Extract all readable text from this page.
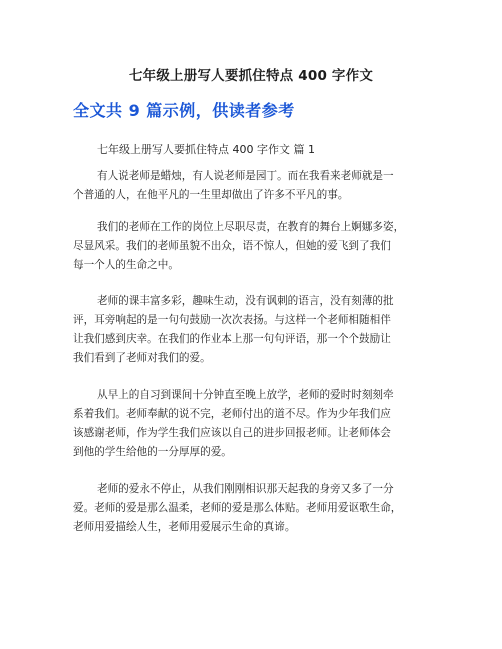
七年级上册写人要抓住特点 400 字作文
全文共 9 篇示例，供读者参考
七年级上册写人要抓住特点 400 字作文 篇 1
有人说老师是蜡烛，有人说老师是园丁。而在我看来老师就是一
个普通的人，在他平凡的一生里却做出了许多不平凡的事。
我们的老师在工作的岗位上尽职尽责，在教育的舞台上婀娜多姿，
尽显风采。我们的老师虽貌不出众，语不惊人，但她的爱飞到了我们
每一个人的生命之中。
老师的课丰富多彩，趣味生动，没有讽刺的语言，没有刻薄的批
评，耳旁响起的是一句句鼓励一次次表扬。与这样一个老师相随相伴
让我们感到庆幸。在我们的作业本上那一句句评语，那一个个鼓励让
我们看到了老师对我们的爱。
从早上的自习到课间十分钟直至晚上放学，老师的爱时时刻刻牵
系着我们。老师奉献的说不完，老师付出的道不尽。作为少年我们应
该感谢老师，作为学生我们应该以自己的进步回报老师。让老师体会
到他的学生给他的一分厚厚的爱。
老师的爱永不停止，从我们刚刚相识那天起我的身旁又多了一分
爱。老师的爱是那么温柔，老师的爱是那么体贴。老师用爱讴歌生命，
老师用爱描绘人生，老师用爱展示生命的真谛。
